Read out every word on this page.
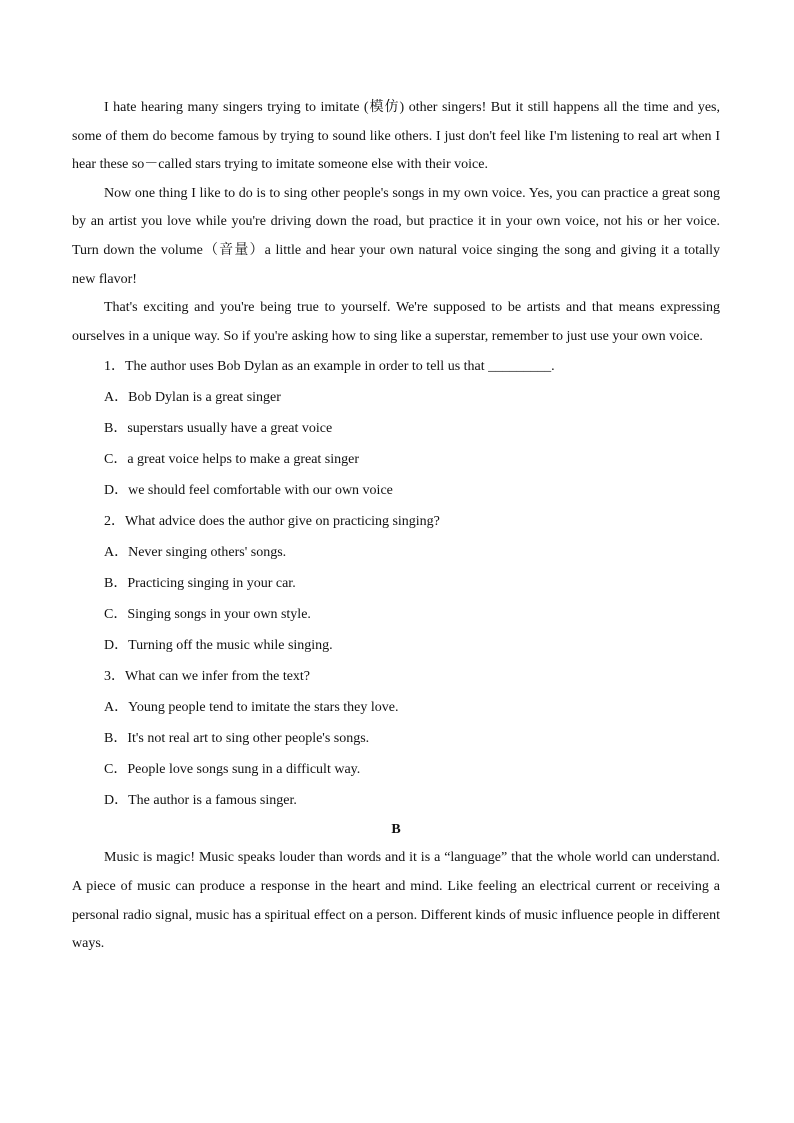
I hate hearing many singers trying to imitate (模仿) other singers! But it still happens all the time and yes, some of them do become famous by trying to sound like others. I just don't feel like I'm listening to real art when I hear these so－called stars trying to imitate someone else with their voice.

Now one thing I like to do is to sing other people's songs in my own voice. Yes, you can practice a great song by an artist you love while you're driving down the road, but practice it in your own voice, not his or her voice. Turn down the volume（音量）a little and hear your own natural voice singing the song and giving it a totally new flavor!

That's exciting and you're being true to yourself. We're supposed to be artists and that means expressing ourselves in a unique way. So if you're asking how to sing like a superstar, remember to just use your own voice.

1．The author uses Bob Dylan as an example in order to tell us that _________.

A．Bob Dylan is a great singer

B．superstars usually have a great voice

C．a great voice helps to make a great singer

D．we should feel comfortable with our own voice

2．What advice does the author give on practicing singing?

A．Never singing others' songs.

B．Practicing singing in your car.

C．Singing songs in your own style.

D．Turning off the music while singing.

3．What can we infer from the text?

A．Young people tend to imitate the stars they love.

B．It's not real art to sing other people's songs.

C．People love songs sung in a difficult way.

D．The author is a famous singer.

B

Music is magic! Music speaks louder than words and it is a “language” that the whole world can understand. A piece of music can produce a response in the heart and mind. Like feeling an electrical current or receiving a personal radio signal, music has a spiritual effect on a person. Different kinds of music influence people in different ways.
